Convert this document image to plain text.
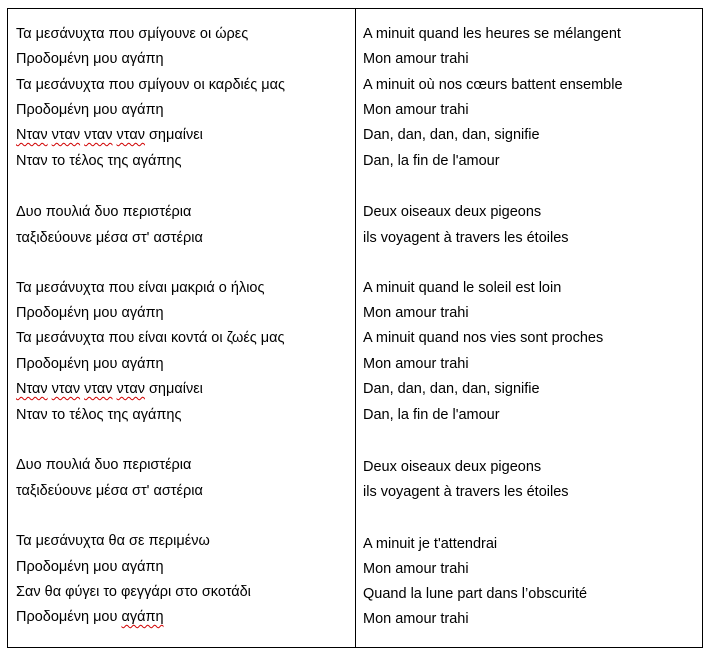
Τα μεσάνυχτα που σμίγουνε οι ώρες
Προδομένη μου αγάπη
Τα μεσάνυχτα που σμίγουν οι καρδιές μας
Προδομένη μου αγάπη
Νταν νταν νταν νταν σημαίνει
Νταν το τέλος της αγάπης
Δυο πουλιά δυο περιστέρια
ταξιδεύουνε μέσα στ' αστέρια
Τα μεσάνυχτα που είναι μακριά ο ήλιος
Προδομένη μου αγάπη
Τα μεσάνυχτα που είναι κοντά οι ζωές μας
Προδομένη μου αγάπη
Νταν νταν νταν νταν σημαίνει
Νταν το τέλος της αγάπης
Δυο πουλιά δυο περιστέρια
ταξιδεύουνε μέσα στ' αστέρια
Τα μεσάνυχτα θα σε περιμένω
Προδομένη μου αγάπη
Σαν θα φύγει το φεγγάρι στο σκοτάδι
Προδομένη μου αγάπη
A minuit quand les heures se mélangent
Mon amour trahi
A minuit où nos cœurs battent ensemble
Mon amour trahi
Dan, dan, dan, dan, signifie
Dan, la fin de l'amour
Deux oiseaux deux pigeons
ils voyagent à travers les étoiles
A minuit quand le soleil est loin
Mon amour trahi
A minuit quand nos vies sont proches
Mon amour trahi
Dan, dan, dan, dan, signifie
Dan, la fin de l'amour
Deux oiseaux deux pigeons
ils voyagent à travers les étoiles
A minuit je t'attendrai
Mon amour trahi
Quand la lune part dans l’obscurité
Mon amour trahi
